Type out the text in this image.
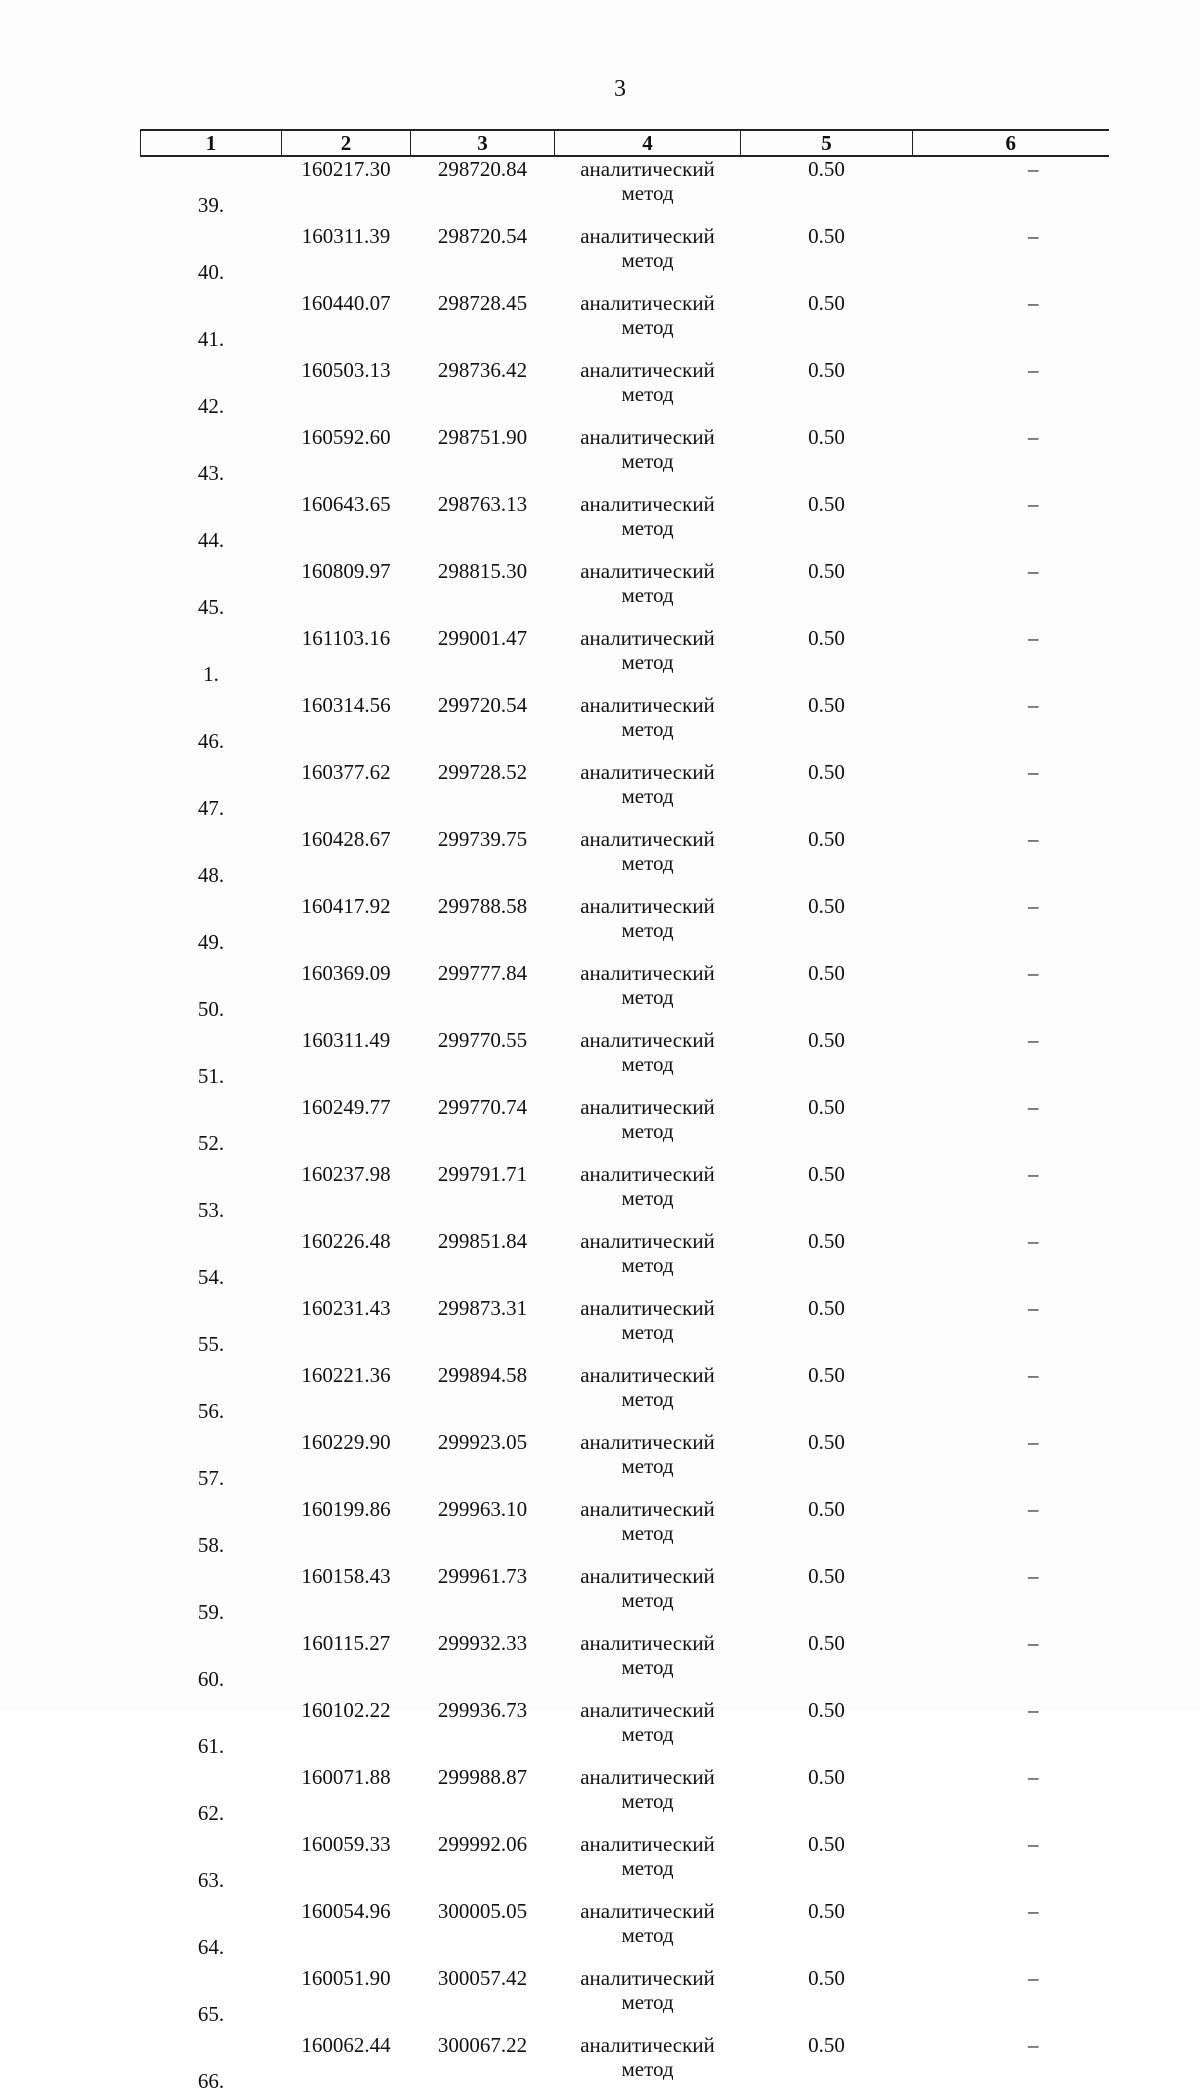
3
1	2	3	4	5	6

39.	160217.30	298720.84	аналитический
метод	0.50	–

40.	160311.39	298720.54	аналитический
метод	0.50	–

41.	160440.07	298728.45	аналитический
метод	0.50	–

42.	160503.13	298736.42	аналитический
метод	0.50	–

43.	160592.60	298751.90	аналитический
метод	0.50	–

44.	160643.65	298763.13	аналитический
метод	0.50	–

45.	160809.97	298815.30	аналитический
метод	0.50	–

1.	161103.16	299001.47	аналитический
метод	0.50	–

46.	160314.56	299720.54	аналитический
метод	0.50	–

47.	160377.62	299728.52	аналитический
метод	0.50	–

48.	160428.67	299739.75	аналитический
метод	0.50	–

49.	160417.92	299788.58	аналитический
метод	0.50	–

50.	160369.09	299777.84	аналитический
метод	0.50	–

51.	160311.49	299770.55	аналитический
метод	0.50	–

52.	160249.77	299770.74	аналитический
метод	0.50	–

53.	160237.98	299791.71	аналитический
метод	0.50	–

54.	160226.48	299851.84	аналитический
метод	0.50	–

55.	160231.43	299873.31	аналитический
метод	0.50	–

56.	160221.36	299894.58	аналитический
метод	0.50	–

57.	160229.90	299923.05	аналитический
метод	0.50	–

58.	160199.86	299963.10	аналитический
метод	0.50	–

59.	160158.43	299961.73	аналитический
метод	0.50	–

60.	160115.27	299932.33	аналитический
метод	0.50	–

61.	160102.22	299936.73	аналитический
метод	0.50	–

62.	160071.88	299988.87	аналитический
метод	0.50	–

63.	160059.33	299992.06	аналитический
метод	0.50	–

64.	160054.96	300005.05	аналитический
метод	0.50	–

65.	160051.90	300057.42	аналитический
метод	0.50	–

66.	160062.44	300067.22	аналитический
метод	0.50	–
